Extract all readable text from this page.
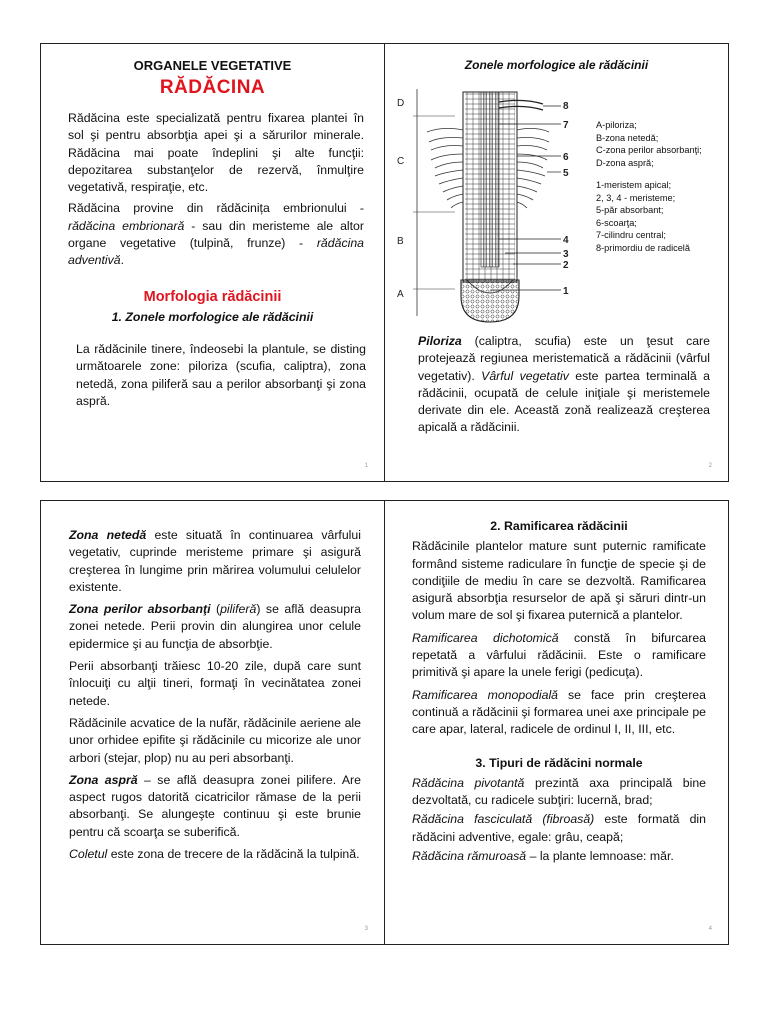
ORGANELE VEGETATIVE
RĂDĂCINA

Rădăcina este specializată pentru fixarea plantei în sol şi pentru absorbţia apei şi a sărurilor minerale. Rădăcina mai poate îndeplini şi alte funcţii: depozitarea substanţelor de rezervă, înmulţire vegetativă, respiraţie, etc.

Rădăcina provine din rădăcinița embrionului - rădăcina embrionară - sau din meristeme ale altor organe vegetative (tulpină, frunze) - rădăcina adventivă.

Morfologia rădăcinii
1. Zonele morfologice ale rădăcinii

La rădăcinile tinere, îndeosebi la plantule, se disting următoarele zone: piloriza (scufia, caliptra), zona netedă, zona piliferă sau a perilor absorbanţi şi zona aspră.

1
Zonele morfologice ale rădăcinii
D
C
B
A
8
7
6
5
4
3
2
1
A-piloriza;
B-zona netedă;
C-zona perilor absorbanţi;
D-zona aspră;
1-meristem apical;
2, 3, 4 - meristeme;
5-păr absorbant;
6-scoarţa;
7-cilindru central;
8-primordiu de radicelă

Piloriza (caliptra, scufia) este un ţesut care protejează regiunea meristematică a rădăcinii (vârful vegetativ). Vârful vegetativ este partea terminală a rădăcinii, ocupată de celule iniţiale şi meristemele derivate din ele. Această zonă realizează creşterea apicală a rădăcinii.

2

Zona netedă este situată în continuarea vârfului vegetativ, cuprinde meristeme primare şi asigură creşterea în lungime prin mărirea volumului celulelor existente.

Zona perilor absorbanţi (piliferă) se află deasupra zonei netede. Perii provin din alungirea unor celule epidermice şi au funcţia de absorbţie.

Perii absorbanţi trăiesc 10-20 zile, după care sunt înlocuiţi cu alţii tineri, formaţi în vecinătatea zonei netede.

Rădăcinile acvatice de la nufăr, rădăcinile aeriene ale unor orhidee epifite şi rădăcinile cu micorize ale unor arbori (stejar, plop) nu au peri absorbanţi.

Zona aspră – se află deasupra zonei pilifere. Are aspect rugos datorită cicatricilor rămase de la perii absorbanţi. Se alungeşte continuu şi este brunie pentru că scoarţa se suberifică.

Coletul este zona de trecere de la rădăcină la tulpină.

3
2. Ramificarea rădăcinii

Rădăcinile plantelor mature sunt puternic ramificate formând sisteme radiculare în funcţie de specie şi de condiţiile de mediu în care se dezvoltă. Ramificarea asigură absorbţia resurselor de apă şi săruri dintr-un volum mare de sol şi fixarea puternică a plantelor.

Ramificarea dichotomică constă în bifurcarea repetată a vârfului rădăcinii. Este o ramificare primitivă şi apare la unele ferigi (pedicuţa).

Ramificarea monopodială se face prin creşterea continuă a rădăcinii şi formarea unei axe principale pe care apar, lateral, radicele de ordinul I, II, III, etc.

3. Tipuri de rădăcini normale

Rădăcina pivotantă prezintă axa principală bine dezvoltată, cu radicele subţiri: lucernă, brad;

Rădăcina fasciculată (fibroasă) este formată din rădăcini adventive, egale: grâu, ceapă;

Rădăcina rămuroasă – la plante lemnoase: măr.

4
